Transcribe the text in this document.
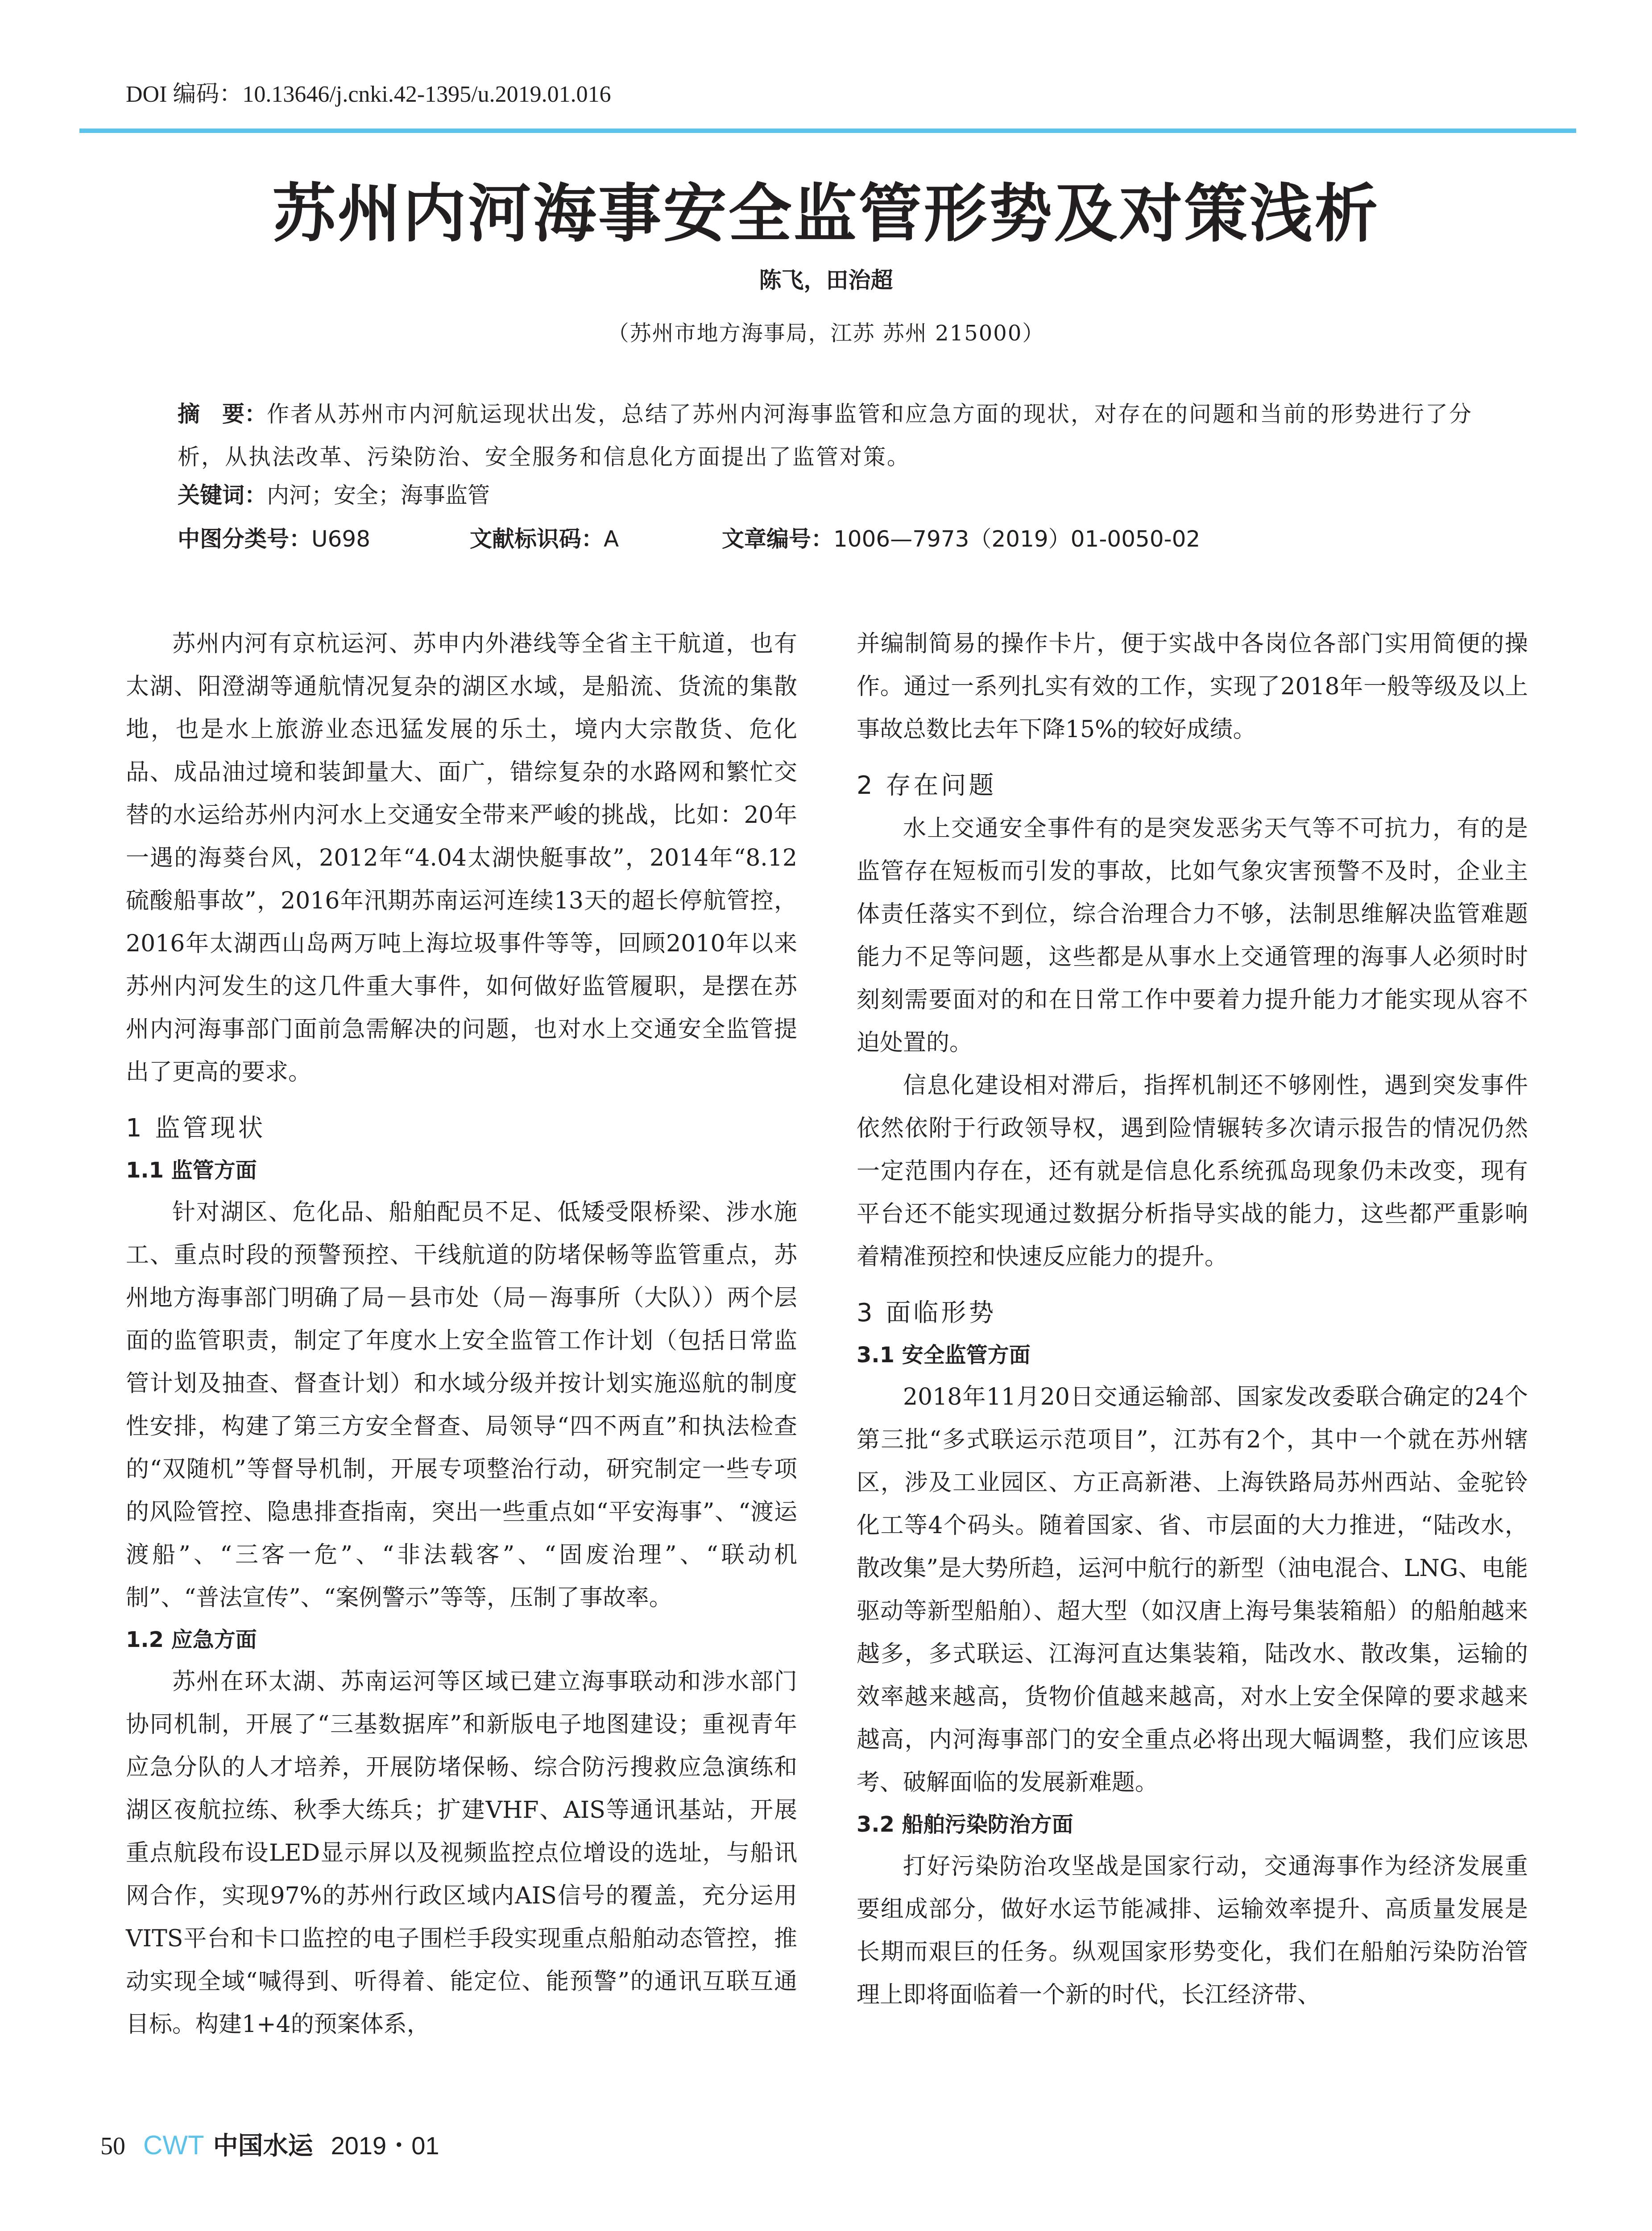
DOI 编码：10.13646/j.cnki.42-1395/u.2019.01.016
苏州内河海事安全监管形势及对策浅析
陈飞，田治超
（苏州市地方海事局，江苏 苏州 215000）
摘　要：作者从苏州市内河航运现状出发，总结了苏州内河海事监管和应急方面的现状，对存在的问题和当前的形势进行了分析，从执法改革、污染防治、安全服务和信息化方面提出了监管对策。
关键词：内河；安全；海事监管
中图分类号：U698	文献标识码：A	文章编号：1006—7973（2019）01-0050-02

苏州内河有京杭运河、苏申内外港线等全省主干航道，也有太湖、阳澄湖等通航情况复杂的湖区水域，是船流、货流的集散地，也是水上旅游业态迅猛发展的乐土，境内大宗散货、危化品、成品油过境和装卸量大、面广，错综复杂的水路网和繁忙交替的水运给苏州内河水上交通安全带来严峻的挑战，比如：20年一遇的海葵台风，2012年“4.04太湖快艇事故”，2014年“8.12硫酸船事故”，2016年汛期苏南运河连续13天的超长停航管控，2016年太湖西山岛两万吨上海垃圾事件等等，回顾2010年以来苏州内河发生的这几件重大事件，如何做好监管履职，是摆在苏州内河海事部门面前急需解决的问题，也对水上交通安全监管提出了更高的要求。

1 监管现状
1.1 监管方面

针对湖区、危化品、船舶配员不足、低矮受限桥梁、涉水施工、重点时段的预警预控、干线航道的防堵保畅等监管重点，苏州地方海事部门明确了局－县市处（局－海事所（大队））两个层面的监管职责，制定了年度水上安全监管工作计划（包括日常监管计划及抽查、督查计划）和水域分级并按计划实施巡航的制度性安排，构建了第三方安全督查、局领导“四不两直”和执法检查的“双随机”等督导机制，开展专项整治行动，研究制定一些专项的风险管控、隐患排查指南，突出一些重点如“平安海事”、“渡运渡船”、“三客一危”、“非法载客”、“固废治理”、“联动机制”、“普法宣传”、“案例警示”等等，压制了事故率。

1.2 应急方面

苏州在环太湖、苏南运河等区域已建立海事联动和涉水部门协同机制，开展了“三基数据库”和新版电子地图建设；重视青年应急分队的人才培养，开展防堵保畅、综合防污搜救应急演练和湖区夜航拉练、秋季大练兵；扩建VHF、AIS等通讯基站，开展重点航段布设LED显示屏以及视频监控点位增设的选址，与船讯网合作，实现97%的苏州行政区域内AIS信号的覆盖，充分运用VITS平台和卡口监控的电子围栏手段实现重点船舶动态管控，推动实现全域“喊得到、听得着、能定位、能预警”的通讯互联互通目标。构建1+4的预案体系，

并编制简易的操作卡片，便于实战中各岗位各部门实用简便的操作。通过一系列扎实有效的工作，实现了2018年一般等级及以上事故总数比去年下降15%的较好成绩。

2 存在问题

水上交通安全事件有的是突发恶劣天气等不可抗力，有的是监管存在短板而引发的事故，比如气象灾害预警不及时，企业主体责任落实不到位，综合治理合力不够，法制思维解决监管难题能力不足等问题，这些都是从事水上交通管理的海事人必须时时刻刻需要面对的和在日常工作中要着力提升能力才能实现从容不迫处置的。

信息化建设相对滞后，指挥机制还不够刚性，遇到突发事件依然依附于行政领导权，遇到险情辗转多次请示报告的情况仍然一定范围内存在，还有就是信息化系统孤岛现象仍未改变，现有平台还不能实现通过数据分析指导实战的能力，这些都严重影响着精准预控和快速反应能力的提升。

3 面临形势
3.1 安全监管方面

2018年11月20日交通运输部、国家发改委联合确定的24个第三批“多式联运示范项目”，江苏有2个，其中一个就在苏州辖区，涉及工业园区、方正高新港、上海铁路局苏州西站、金驼铃化工等4个码头。随着国家、省、市层面的大力推进，“陆改水，散改集”是大势所趋，运河中航行的新型（油电混合、LNG、电能驱动等新型船舶）、超大型（如汉唐上海号集装箱船）的船舶越来越多，多式联运、江海河直达集装箱，陆改水、散改集，运输的效率越来越高，货物价值越来越高，对水上安全保障的要求越来越高，内河海事部门的安全重点必将出现大幅调整，我们应该思考、破解面临的发展新难题。

3.2 船舶污染防治方面

打好污染防治攻坚战是国家行动，交通海事作为经济发展重要组成部分，做好水运节能减排、运输效率提升、高质量发展是长期而艰巨的任务。纵观国家形势变化，我们在船舶污染防治管理上即将面临着一个新的时代，长江经济带、

50 CWT 中国水运 2019・01
